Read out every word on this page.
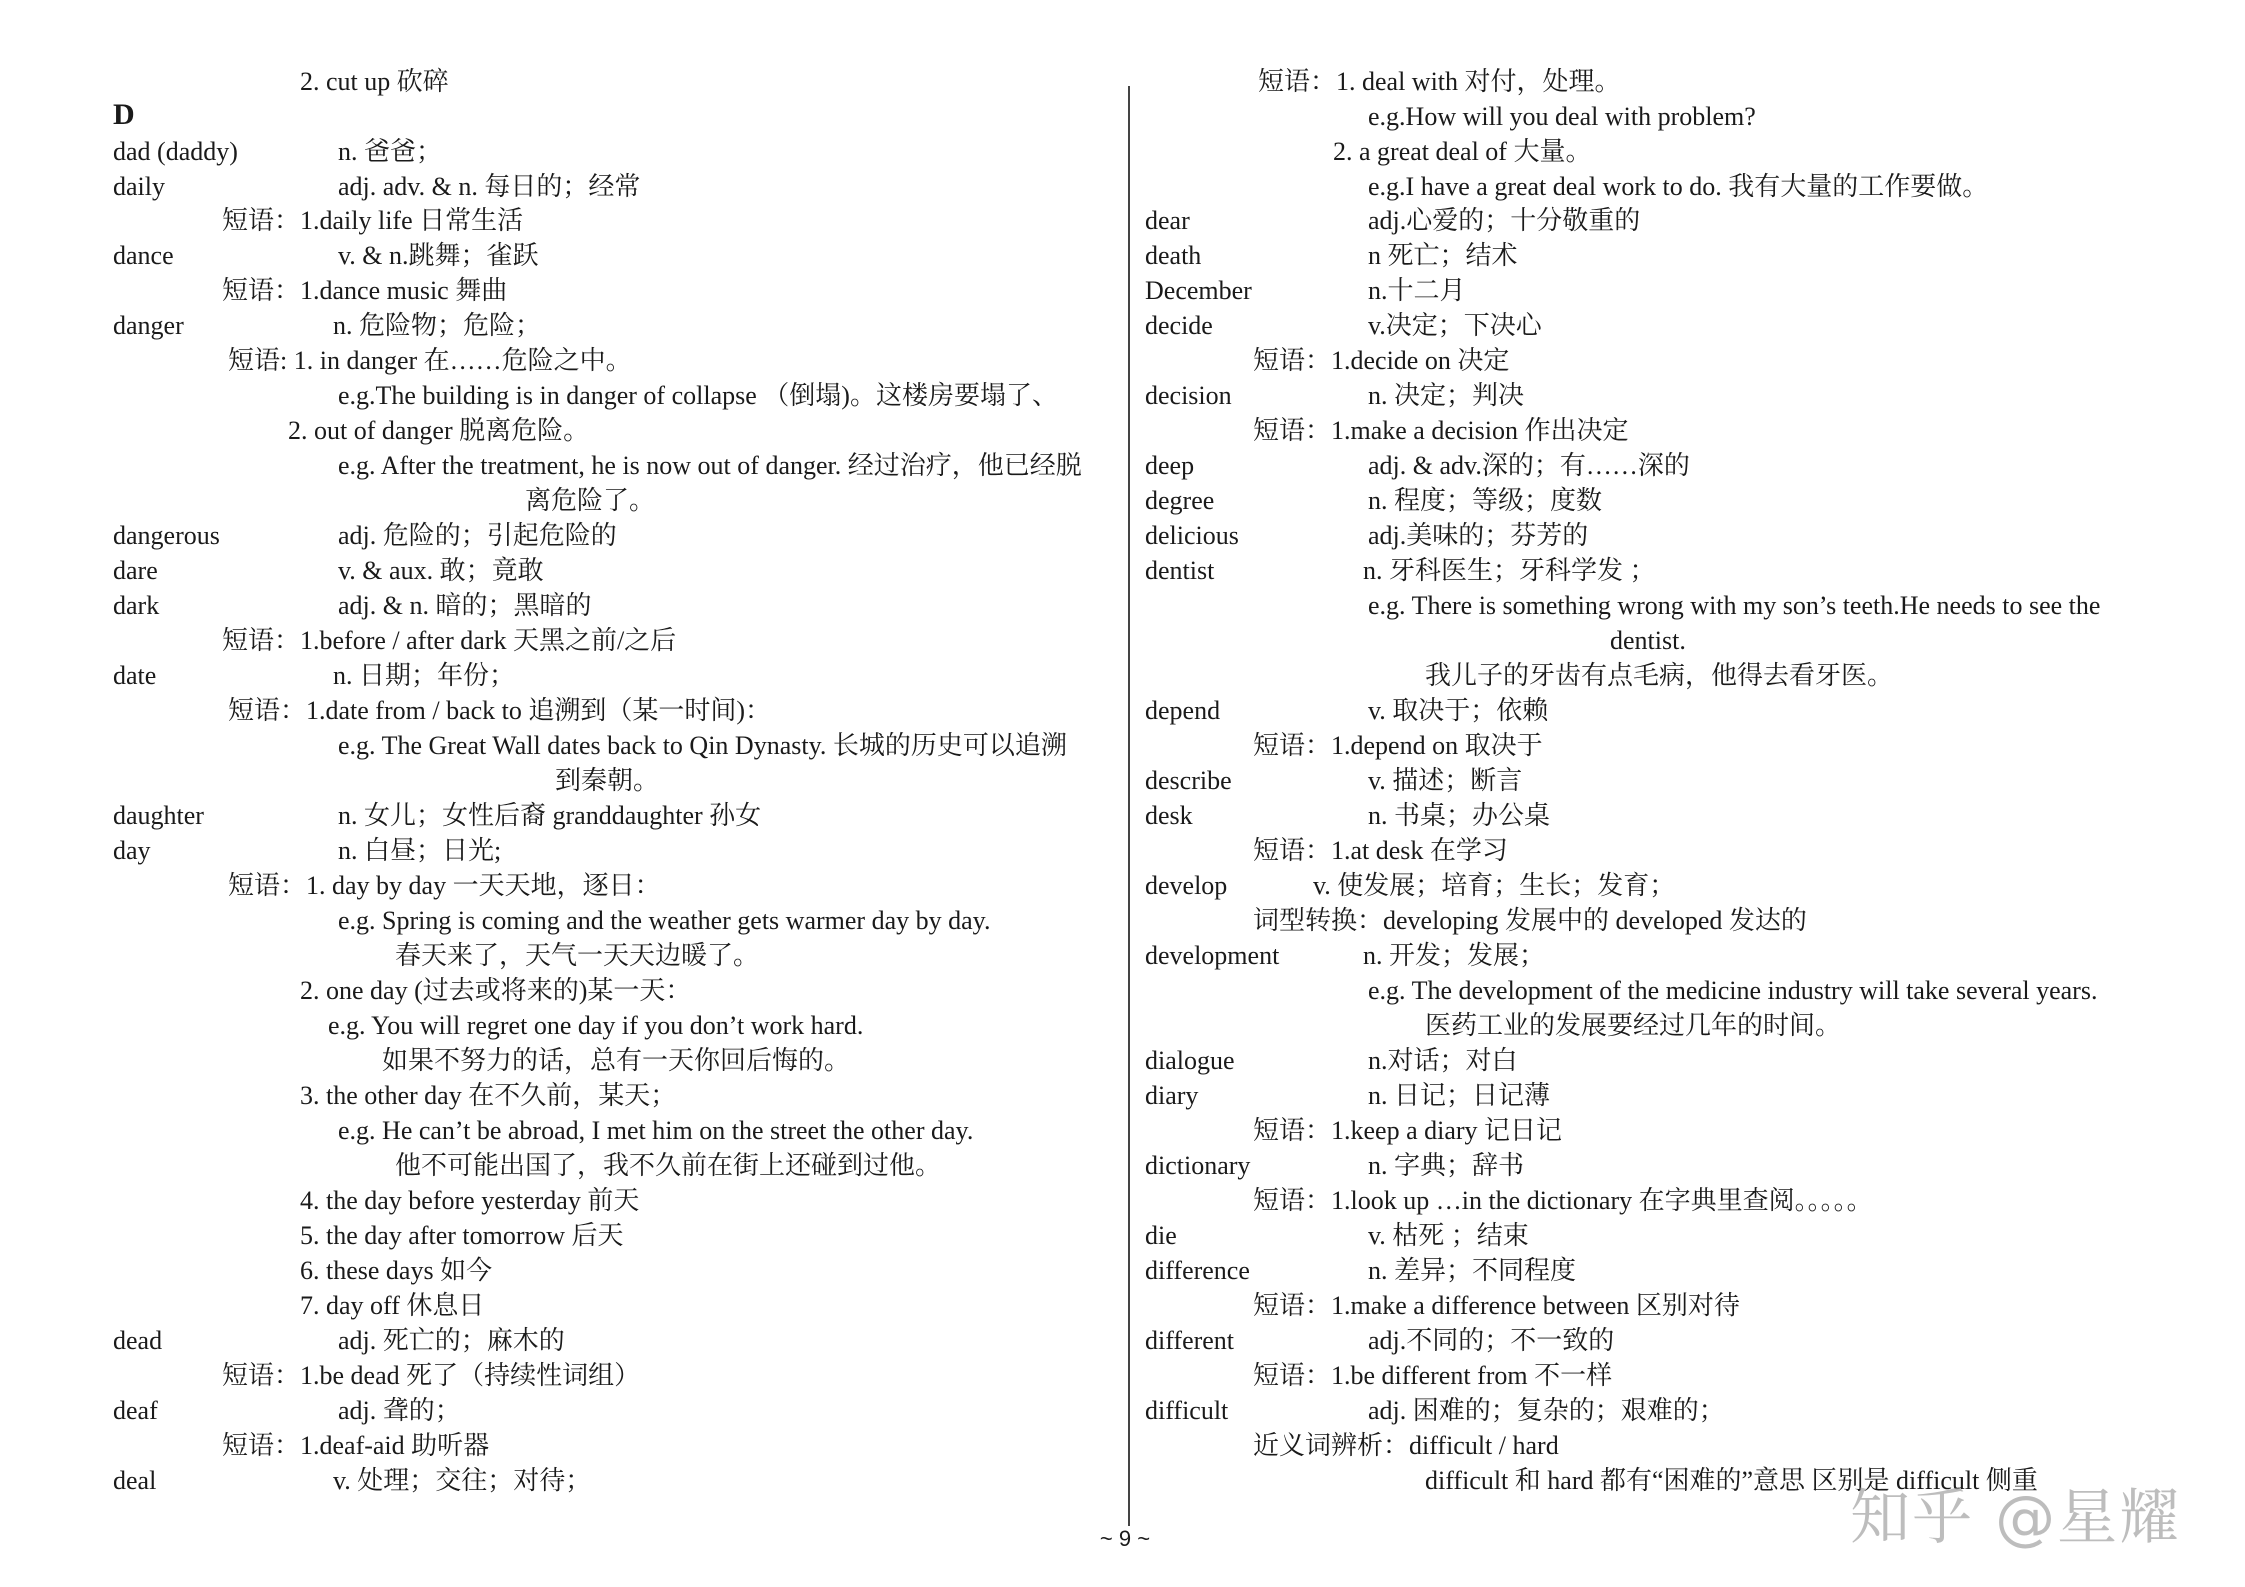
2. cut up 砍碎
D
dad (daddy)	n. 爸爸；
daily	adj. adv. & n. 每日的；经常
短语：1.daily life 日常生活
dance	v. & n.跳舞；雀跃
短语：1.dance music 舞曲
danger	n. 危险物；危险；
短语: 1. in danger 在……危险之中。
e.g.The building is in danger of collapse （倒塌)。这楼房要塌了、
2. out of danger 脱离危险。
e.g. After the treatment, he is now out of danger. 经过治疗，他已经脱
离危险了。
dangerous	adj. 危险的；引起危险的
dare	v. & aux. 敢；竟敢
dark	adj. & n. 暗的；黑暗的
短语：1.before / after dark 天黑之前/之后
date	n. 日期；年份；
短语：1.date from / back to 追溯到（某一时间)：
e.g. The Great Wall dates back to Qin Dynasty. 长城的历史可以追溯
到秦朝。
daughter	n. 女儿；女性后裔 granddaughter 孙女
day	n. 白昼；日光;
短语：1. day by day 一天天地，逐日：
e.g. Spring is coming and the weather gets warmer day by day.
春天来了，天气一天天边暖了。
2. one day (过去或将来的)某一天：
e.g. You will regret one day if you don’t work hard.
如果不努力的话，总有一天你回后悔的。
3. the other day 在不久前，某天；
e.g. He can’t be abroad, I met him on the street the other day.
他不可能出国了，我不久前在街上还碰到过他。
4. the day before yesterday 前天
5. the day after tomorrow 后天
6. these days 如今
7. day off 休息日
dead	adj. 死亡的；麻木的
短语：1.be dead 死了（持续性词组）
deaf	adj. 聋的；
短语：1.deaf-aid 助听器
deal	v. 处理；交往；对待；
短语：1. deal with 对付，处理。
e.g.How will you deal with problem?
2. a great deal of 大量。
e.g.I have a great deal work to do. 我有大量的工作要做。
dear	adj.心爱的；十分敬重的
death	n 死亡；结术
December	n.十二月
decide	v.决定；下决心
短语：1.decide on 决定
decision	n. 决定；判决
短语：1.make a decision 作出决定
deep	adj. & adv.深的；有……深的
degree	n. 程度；等级；度数
delicious	adj.美味的；芬芳的
dentist	n. 牙科医生；牙科学发 ；
e.g. There is something wrong with my son’s teeth.He needs to see the
dentist.
我儿子的牙齿有点毛病，他得去看牙医。
depend	v. 取决于；依赖
短语：1.depend on 取决于
describe	v. 描述；断言
desk	n. 书桌；办公桌
短语：1.at desk 在学习
develop	v. 使发展；培育；生长；发育；
词型转换：developing 发展中的 developed 发达的
development	n. 开发；发展；
e.g. The development of the medicine industry will take several years.
医药工业的发展要经过几年的时间。
dialogue	n.对话；对白
diary	n. 日记；日记薄
短语：1.keep a diary 记日记
dictionary	n. 字典；辞书
短语：1.look up …in the dictionary 在字典里查阅。。。。。
die	v. 枯死 ；结束
difference	n. 差异；不同程度
短语：1.make a difference between 区别对待
different	adj.不同的；不一致的
短语：1.be different from 不一样
difficult	adj. 困难的；复杂的；艰难的；
近义词辨析：difficult / hard
difficult 和 hard 都有“困难的”意思 区别是 difficult 侧重
~ 9 ~	知乎 @星耀
